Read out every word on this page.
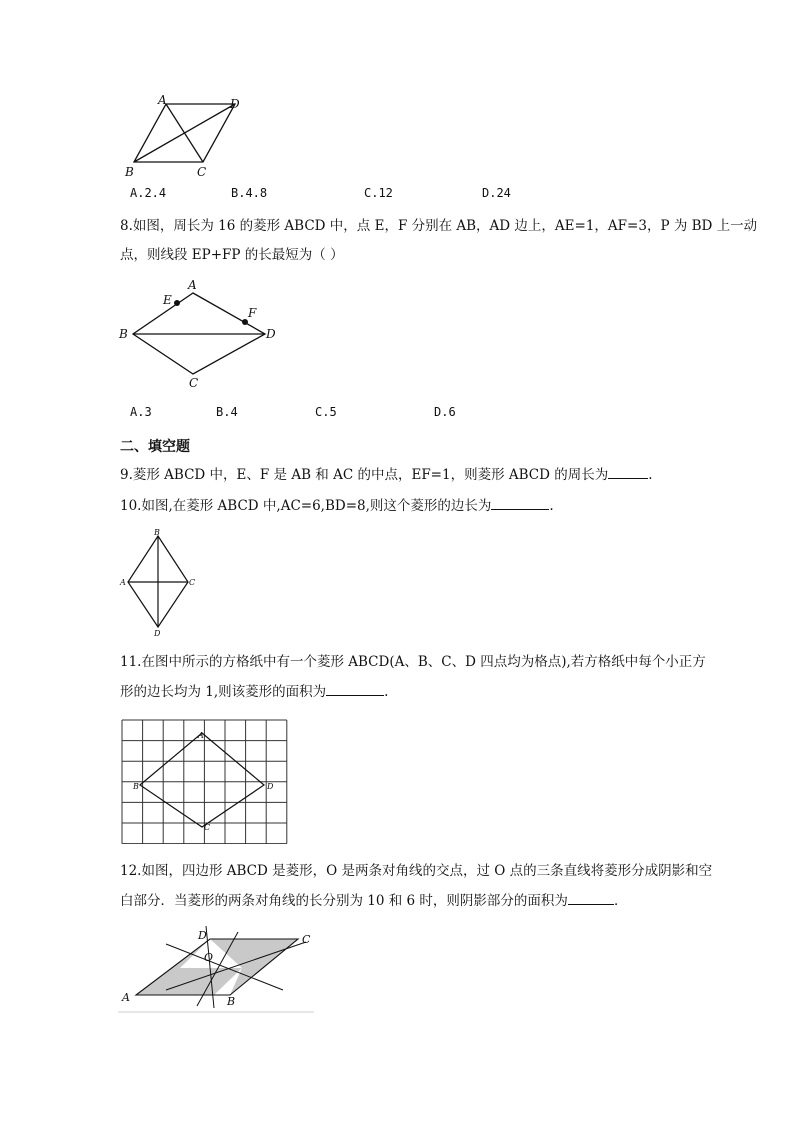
A	D
B	C
A.2.4	B.4.8	C.12	D.24
8.如图，周长为 16 的菱形 ABCD 中，点 E，F 分别在 AB，AD 边上，AE=1，AF=3，P 为 BD 上一动
点，则线段 EP+FP 的长最短为（ ）
A
E
F
B	D
C
A.3	B.4	C.5	D.6
二、填空题
9.菱形 ABCD 中，E、F 是 AB 和 AC 的中点，EF=1，则菱形 ABCD 的周长为	.
10.如图,在菱形 ABCD 中,AC=6,BD=8,则这个菱形的边长为	.
B
A	C
D
11.在图中所示的方格纸中有一个菱形 ABCD(A、B、C、D 四点均为格点),若方格纸中每个小正方
形的边长均为 1,则该菱形的面积为	.
A
B	D
C
12.如图，四边形 ABCD 是菱形，O 是两条对角线的交点，过 O 点的三条直线将菱形分成阴影和空
白部分．当菱形的两条对角线的长分别为 10 和 6 时，则阴影部分的面积为	．
D	C
O
A	B
